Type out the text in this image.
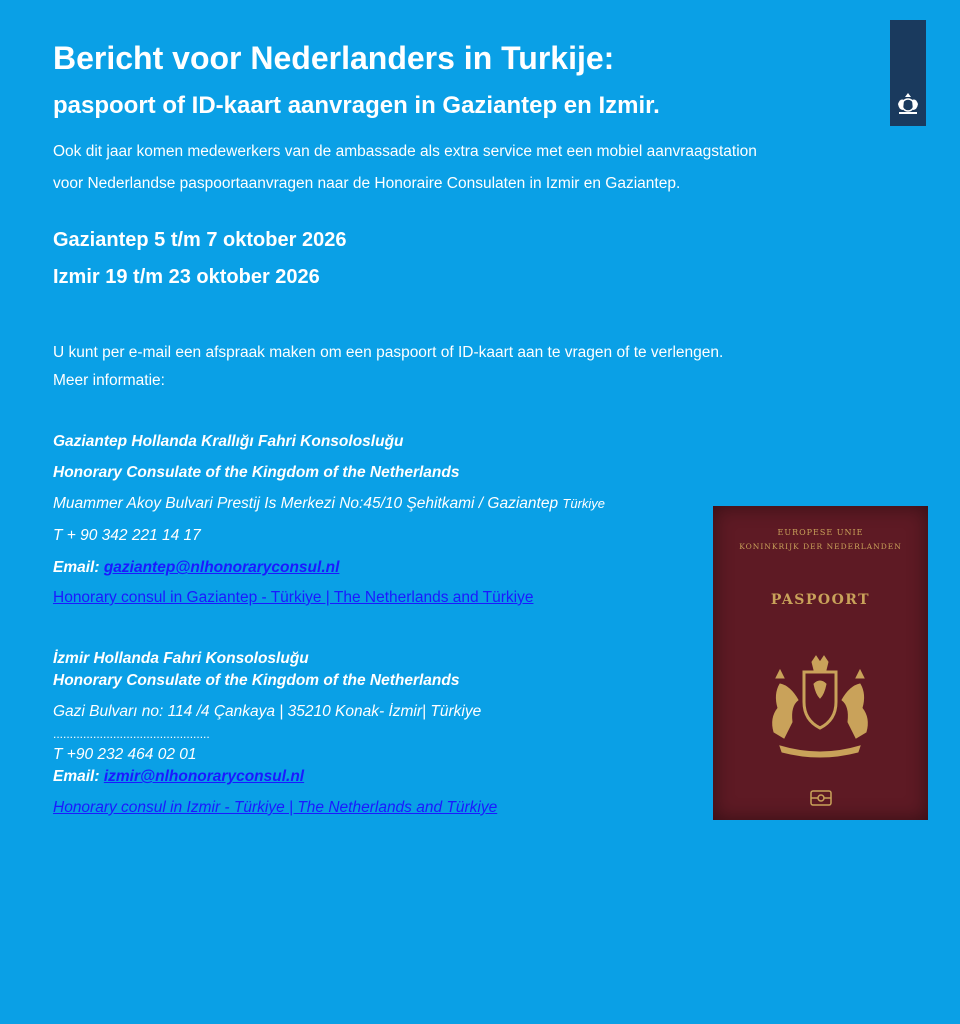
Bericht voor Nederlanders in Turkije:
paspoort of ID-kaart aanvragen in Gaziantep en Izmir.
Ook dit jaar komen medewerkers van de ambassade als extra service met een mobiel aanvraagstation
voor Nederlandse paspoortaanvragen naar de Honoraire Consulaten in Izmir en Gaziantep.
Gaziantep 5 t/m 7 oktober 2026
Izmir 19 t/m 23 oktober 2026
U kunt per e-mail een afspraak maken om een paspoort of ID-kaart aan te vragen of te verlengen.
Meer informatie:
Gaziantep Hollanda Krallığı Fahri Konsolosluğu
Honorary Consulate of the Kingdom of the Netherlands
Muammer Akoy Bulvari Prestij Is Merkezi No:45/10 Şehitkami / Gaziantep Türkiye
T + 90 342 221 14 17
Email: gaziantep@nlhonoraryconsul.nl
Honorary consul in Gaziantep - Türkiye | The Netherlands and Türkiye
İzmir Hollanda Fahri Konsolosluğu
Honorary Consulate of the Kingdom of the Netherlands
Gazi Bulvarı no: 114 /4 Çankaya | 35210 Konak- İzmir| Türkiye
...............................................
T +90 232 464 02 01
Email: izmir@nlhonoraryconsul.nl
Honorary consul in Izmir - Türkiye | The Netherlands and Türkiye
EUROPESE UNIE
KONINKRIJK DER NEDERLANDEN
PASPOORT
